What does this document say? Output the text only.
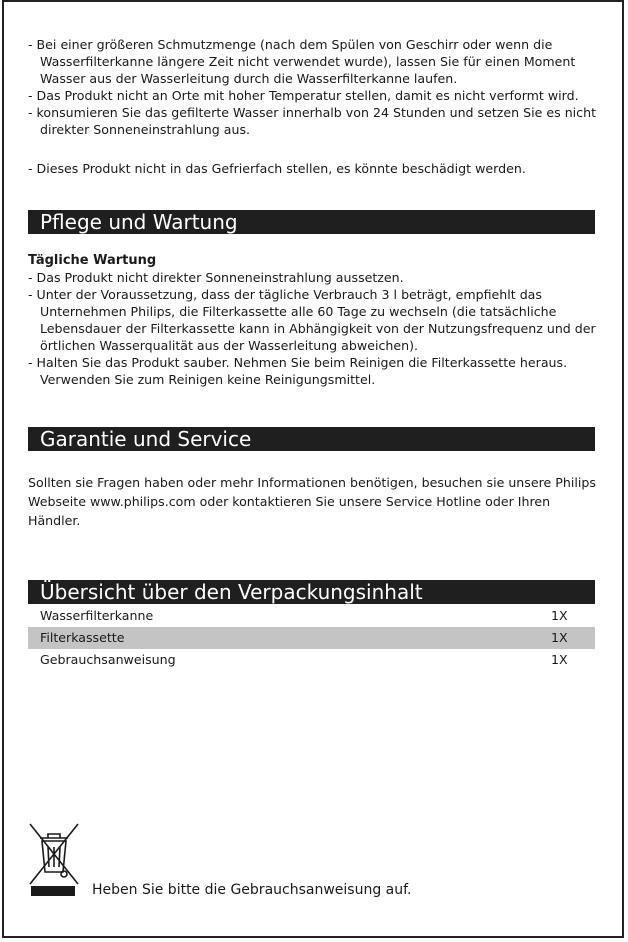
- Bei einer größeren Schmutzmenge (nach dem Spülen von Geschirr oder wenn die Wasserfilterkanne längere Zeit nicht verwendet wurde), lassen Sie für einen Moment Wasser aus der Wasserleitung durch die Wasserfilterkanne laufen.

- Das Produkt nicht an Orte mit hoher Temperatur stellen, damit es nicht verformt wird.

- konsumieren Sie das gefilterte Wasser innerhalb von 24 Stunden und setzen Sie es nicht direkter Sonneneinstrahlung aus.

- Dieses Produkt nicht in das Gefrierfach stellen, es könnte beschädigt werden.

Pflege und Wartung

Tägliche Wartung

- Das Produkt nicht direkter Sonneneinstrahlung aussetzen.

- Unter der Voraussetzung, dass der tägliche Verbrauch 3 l beträgt, empfiehlt das Unternehmen Philips, die Filterkassette alle 60 Tage zu wechseln (die tatsächliche Lebensdauer der Filterkassette kann in Abhängigkeit von der Nutzungsfrequenz und der örtlichen Wasserqualität aus der Wasserleitung abweichen).

- Halten Sie das Produkt sauber. Nehmen Sie beim Reinigen die Filterkassette heraus. Verwenden Sie zum Reinigen keine Reinigungsmittel.

Garantie und Service

Sollten sie Fragen haben oder mehr Informationen benötigen, besuchen sie unsere Philips Webseite www.philips.com oder kontaktieren Sie unsere Service Hotline oder Ihren Händler.

Übersicht über den Verpackungsinhalt
Wasserfilterkanne	1X
Filterkassette	1X
Gebrauchsanweisung	1X
Heben Sie bitte die Gebrauchsanweisung auf.
